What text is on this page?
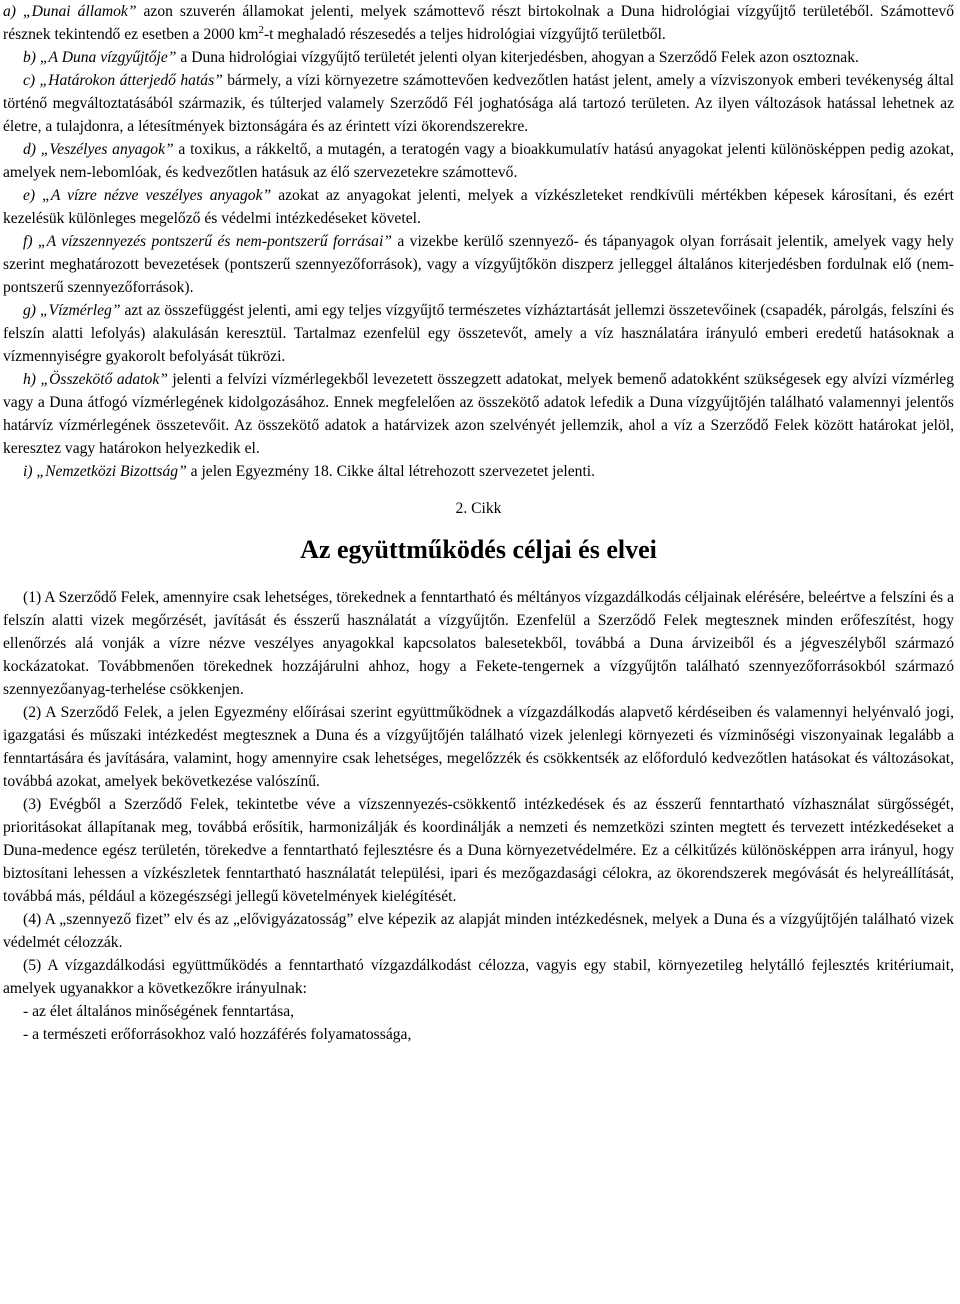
a) „Dunai államok” azon szuverén államokat jelenti, melyek számottevő részt birtokolnak a Duna hidrológiai vízgyűjtő területéből. Számottevő résznek tekintendő ez esetben a 2000 $km^2-t$ meghaladó részesedés a teljes hidrológiai vízgyűjtő területből.

b) „A Duna vízgyűjtője” a Duna hidrológiai vízgyűjtő területét jelenti olyan kiterjedésben, ahogyan a Szerződő Felek azon osztoznak.

c) „Határokon átterjedő hatás” bármely, a vízi környezetre számottevően kedvezőtlen hatást jelent, amely a vízviszonyok emberi tevékenység által történő megváltoztatásából származik, és túlterjed valamely Szerződő Fél joghatósága alá tartozó területen. Az ilyen változások hatással lehetnek az életre, a tulajdonra, a létesítmények biztonságára és az érintett vízi ökorendszerekre.

d) „Veszélyes anyagok” a toxikus, a rákkeltő, a mutagén, a teratogén vagy a bioakkumulatív hatású anyagokat jelenti különösképpen pedig azokat, amelyek nem-lebomlóak, és kedvezőtlen hatásuk az élő szervezetekre számottevő.

e) „A vízre nézve veszélyes anyagok” azokat az anyagokat jelenti, melyek a vízkészleteket rendkívüli mértékben képesek károsítani, és ezért kezelésük különleges megelőző és védelmi intézkedéseket követel.

f) „A vízszennyezés pontszerű és nem-pontszerű forrásai” a vizekbe kerülő szennyező- és tápanyagok olyan forrásait jelentik, amelyek vagy hely szerint meghatározott bevezetések (pontszerű szennyezőforrások), vagy a vízgyűjtőkön diszperz jelleggel általános kiterjedésben fordulnak elő (nem-pontszerű szennyezőforrások).

g) „Vízmérleg” azt az összefüggést jelenti, ami egy teljes vízgyűjtő természetes vízháztartását jellemzi összetevőinek (csapadék, párolgás, felszíni és felszín alatti lefolyás) alakulásán keresztül. Tartalmaz ezenfelül egy összetevőt, amely a víz használatára irányuló emberi eredetű hatásoknak a vízmennyiségre gyakorolt befolyását tükrözi.

h) „Összekötő adatok” jelenti a felvízi vízmérlegekből levezetett összegzett adatokat, melyek bemenő adatokként szükségesek egy alvízi vízmérleg vagy a Duna átfogó vízmérlegének kidolgozásához. Ennek megfelelően az összekötő adatok lefedik a Duna vízgyűjtőjén található valamennyi jelentős határvíz vízmérlegének összetevőit. Az összekötő adatok a határvizek azon szelvényét jellemzik, ahol a víz a Szerződő Felek között határokat jelöl, keresztez vagy határokon helyezkedik el.

i) „Nemzetközi Bizottság” a jelen Egyezmény 18. Cikke által létrehozott szervezetet jelenti.

2. Cikk
Az együttműködés céljai és elvei

(1) A Szerződő Felek, amennyire csak lehetséges, törekednek a fenntartható és méltányos vízgazdálkodás céljainak elérésére, beleértve a felszíni és a felszín alatti vizek megőrzését, javítását és ésszerű használatát a vízgyűjtőn. Ezenfelül a Szerződő Felek megtesznek minden erőfeszítést, hogy ellenőrzés alá vonják a vízre nézve veszélyes anyagokkal kapcsolatos balesetekből, továbbá a Duna árvizeiből és a jégveszélyből származó kockázatokat. Továbbmenően törekednek hozzájárulni ahhoz, hogy a Fekete-tengernek a vízgyűjtőn található szennyezőforrásokból származó szennyezőanyag-terhelése csökkenjen.

(2) A Szerződő Felek, a jelen Egyezmény előírásai szerint együttműködnek a vízgazdálkodás alapvető kérdéseiben és valamennyi helyénvaló jogi, igazgatási és műszaki intézkedést megtesznek a Duna és a vízgyűjtőjén található vizek jelenlegi környezeti és vízminőségi viszonyainak legalább a fenntartására és javítására, valamint, hogy amennyire csak lehetséges, megelőzzék és csökkentsék az előforduló kedvezőtlen hatásokat és változásokat, továbbá azokat, amelyek bekövetkezése valószínű.

(3) Evégből a Szerződő Felek, tekintetbe véve a vízszennyezés-csökkentő intézkedések és az ésszerű fenntartható vízhasználat sürgősségét, prioritásokat állapítanak meg, továbbá erősítik, harmonizálják és koordinálják a nemzeti és nemzetközi szinten megtett és tervezett intézkedéseket a Duna-medence egész területén, törekedve a fenntartható fejlesztésre és a Duna környezetvédelmére. Ez a célkitűzés különösképpen arra irányul, hogy biztosítani lehessen a vízkészletek fenntartható használatát települési, ipari és mezőgazdasági célokra, az ökorendszerek megóvását és helyreállítását, továbbá más, például a közegészségi jellegű követelmények kielégítését.

(4) A „szennyező fizet” elv és az „elővigyázatosság” elve képezik az alapját minden intézkedésnek, melyek a Duna és a vízgyűjtőjén található vizek védelmét célozzák.

(5) A vízgazdálkodási együttműködés a fenntartható vízgazdálkodást célozza, vagyis egy stabil, környezetileg helytálló fejlesztés kritériumait, amelyek ugyanakkor a következőkre irányulnak:

- az élet általános minőségének fenntartása,

- a természeti erőforrásokhoz való hozzáférés folyamatossága,
